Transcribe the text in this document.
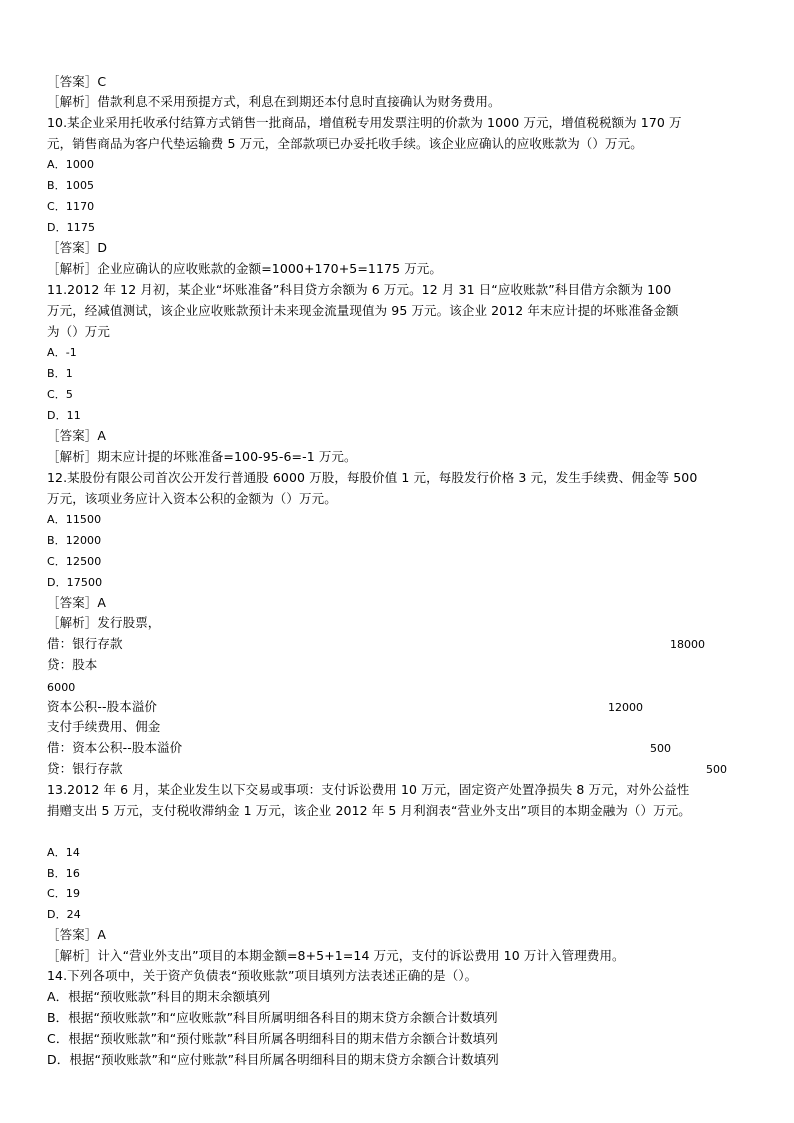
［答案］C
［解析］借款利息不采用预提方式，利息在到期还本付息时直接确认为财务费用。
10.某企业采用托收承付结算方式销售一批商品，增值税专用发票注明的价款为 1000 万元，增值税税额为 170 万
元，销售商品为客户代垫运输费 5 万元，全部款项已办妥托收手续。该企业应确认的应收账款为（）万元。
A．1000
B．1005
C．1170
D．1175
［答案］D
［解析］企业应确认的应收账款的金额=1000+170+5=1175 万元。
11.2012 年 12 月初，某企业“坏账准备”科目贷方余额为 6 万元。12 月 31 日“应收账款”科目借方余额为 100
万元，经减值测试，该企业应收账款预计未来现金流量现值为 95 万元。该企业 2012 年末应计提的坏账准备金额
为（）万元
A．-1
B．1
C．5
D．11
［答案］A
［解析］期末应计提的坏账准备=100-95-6=-1 万元。
12.某股份有限公司首次公开发行普通股 6000 万股，每股价值 1 元，每股发行价格 3 元，发生手续费、佣金等 500
万元，该项业务应计入资本公积的金额为（）万元。
A．11500
B．12000
C．12500
D．17500
［答案］A
［解析］发行股票，
借：银行存款	18000
贷：股本
6000
资本公积--股本溢价	12000
支付手续费用、佣金
借：资本公积--股本溢价	500
贷：银行存款	500
13.2012 年 6 月，某企业发生以下交易或事项：支付诉讼费用 10 万元，固定资产处置净损失 8 万元，对外公益性
捐赠支出 5 万元，支付税收滞纳金 1 万元，该企业 2012 年 5 月利润表“营业外支出”项目的本期金融为（）万元。
A．14
B．16
C．19
D．24
［答案］A
［解析］计入“营业外支出”项目的本期金额=8+5+1=14 万元，支付的诉讼费用 10 万计入管理费用。
14.下列各项中，关于资产负债表“预收账款”项目填列方法表述正确的是（）。
A．根据“预收账款”科目的期末余额填列
B．根据“预收账款”和“应收账款”科目所属明细各科目的期末贷方余额合计数填列
C．根据“预收账款”和“预付账款”科目所属各明细科目的期末借方余额合计数填列
D．根据“预收账款”和“应付账款”科目所属各明细科目的期末贷方余额合计数填列
